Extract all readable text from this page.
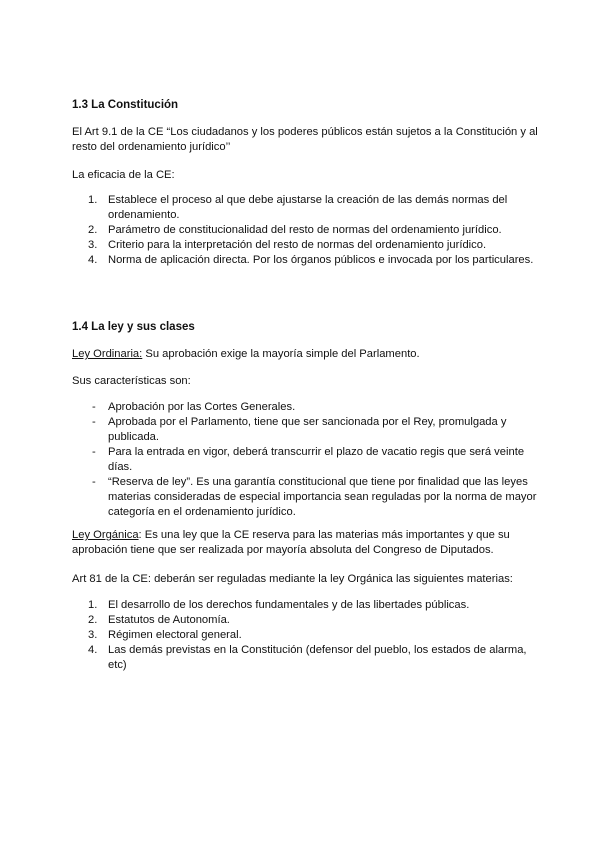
1.3 La Constitución

El Art 9.1 de la CE “Los ciudadanos y los poderes públicos están sujetos a la Constitución y al resto del ordenamiento jurídico’’

La eficacia de la CE:

1. Establece el proceso al que debe ajustarse la creación de las demás normas del ordenamiento.
2. Parámetro de constitucionalidad del resto de normas del ordenamiento jurídico.
3. Criterio para la interpretación del resto de normas del ordenamiento jurídico.
4. Norma de aplicación directa. Por los órganos públicos e invocada por los particulares.
1.4 La ley y sus clases

Ley Ordinaria: Su aprobación exige la mayoría simple del Parlamento.

Sus características son:

-	Aprobación por las Cortes Generales.
-	Aprobada por el Parlamento, tiene que ser sancionada por el Rey, promulgada y publicada.
-	Para la entrada en vigor, deberá transcurrir el plazo de vacatio regis que será veinte días.
-	“Reserva de ley”. Es una garantía constitucional que tiene por finalidad que las leyes materias consideradas de especial importancia sean reguladas por la norma de mayor categoría en el ordenamiento jurídico.

Ley Orgánica: Es una ley que la CE reserva para las materias más importantes y que su aprobación tiene que ser realizada por mayoría absoluta del Congreso de Diputados.

Art 81 de la CE: deberán ser reguladas mediante la ley Orgánica las siguientes materias:

1. El desarrollo de los derechos fundamentales y de las libertades públicas.
2. Estatutos de Autonomía.
3. Régimen electoral general.
4. Las demás previstas en la Constitución (defensor del pueblo, los estados de alarma, etc)
